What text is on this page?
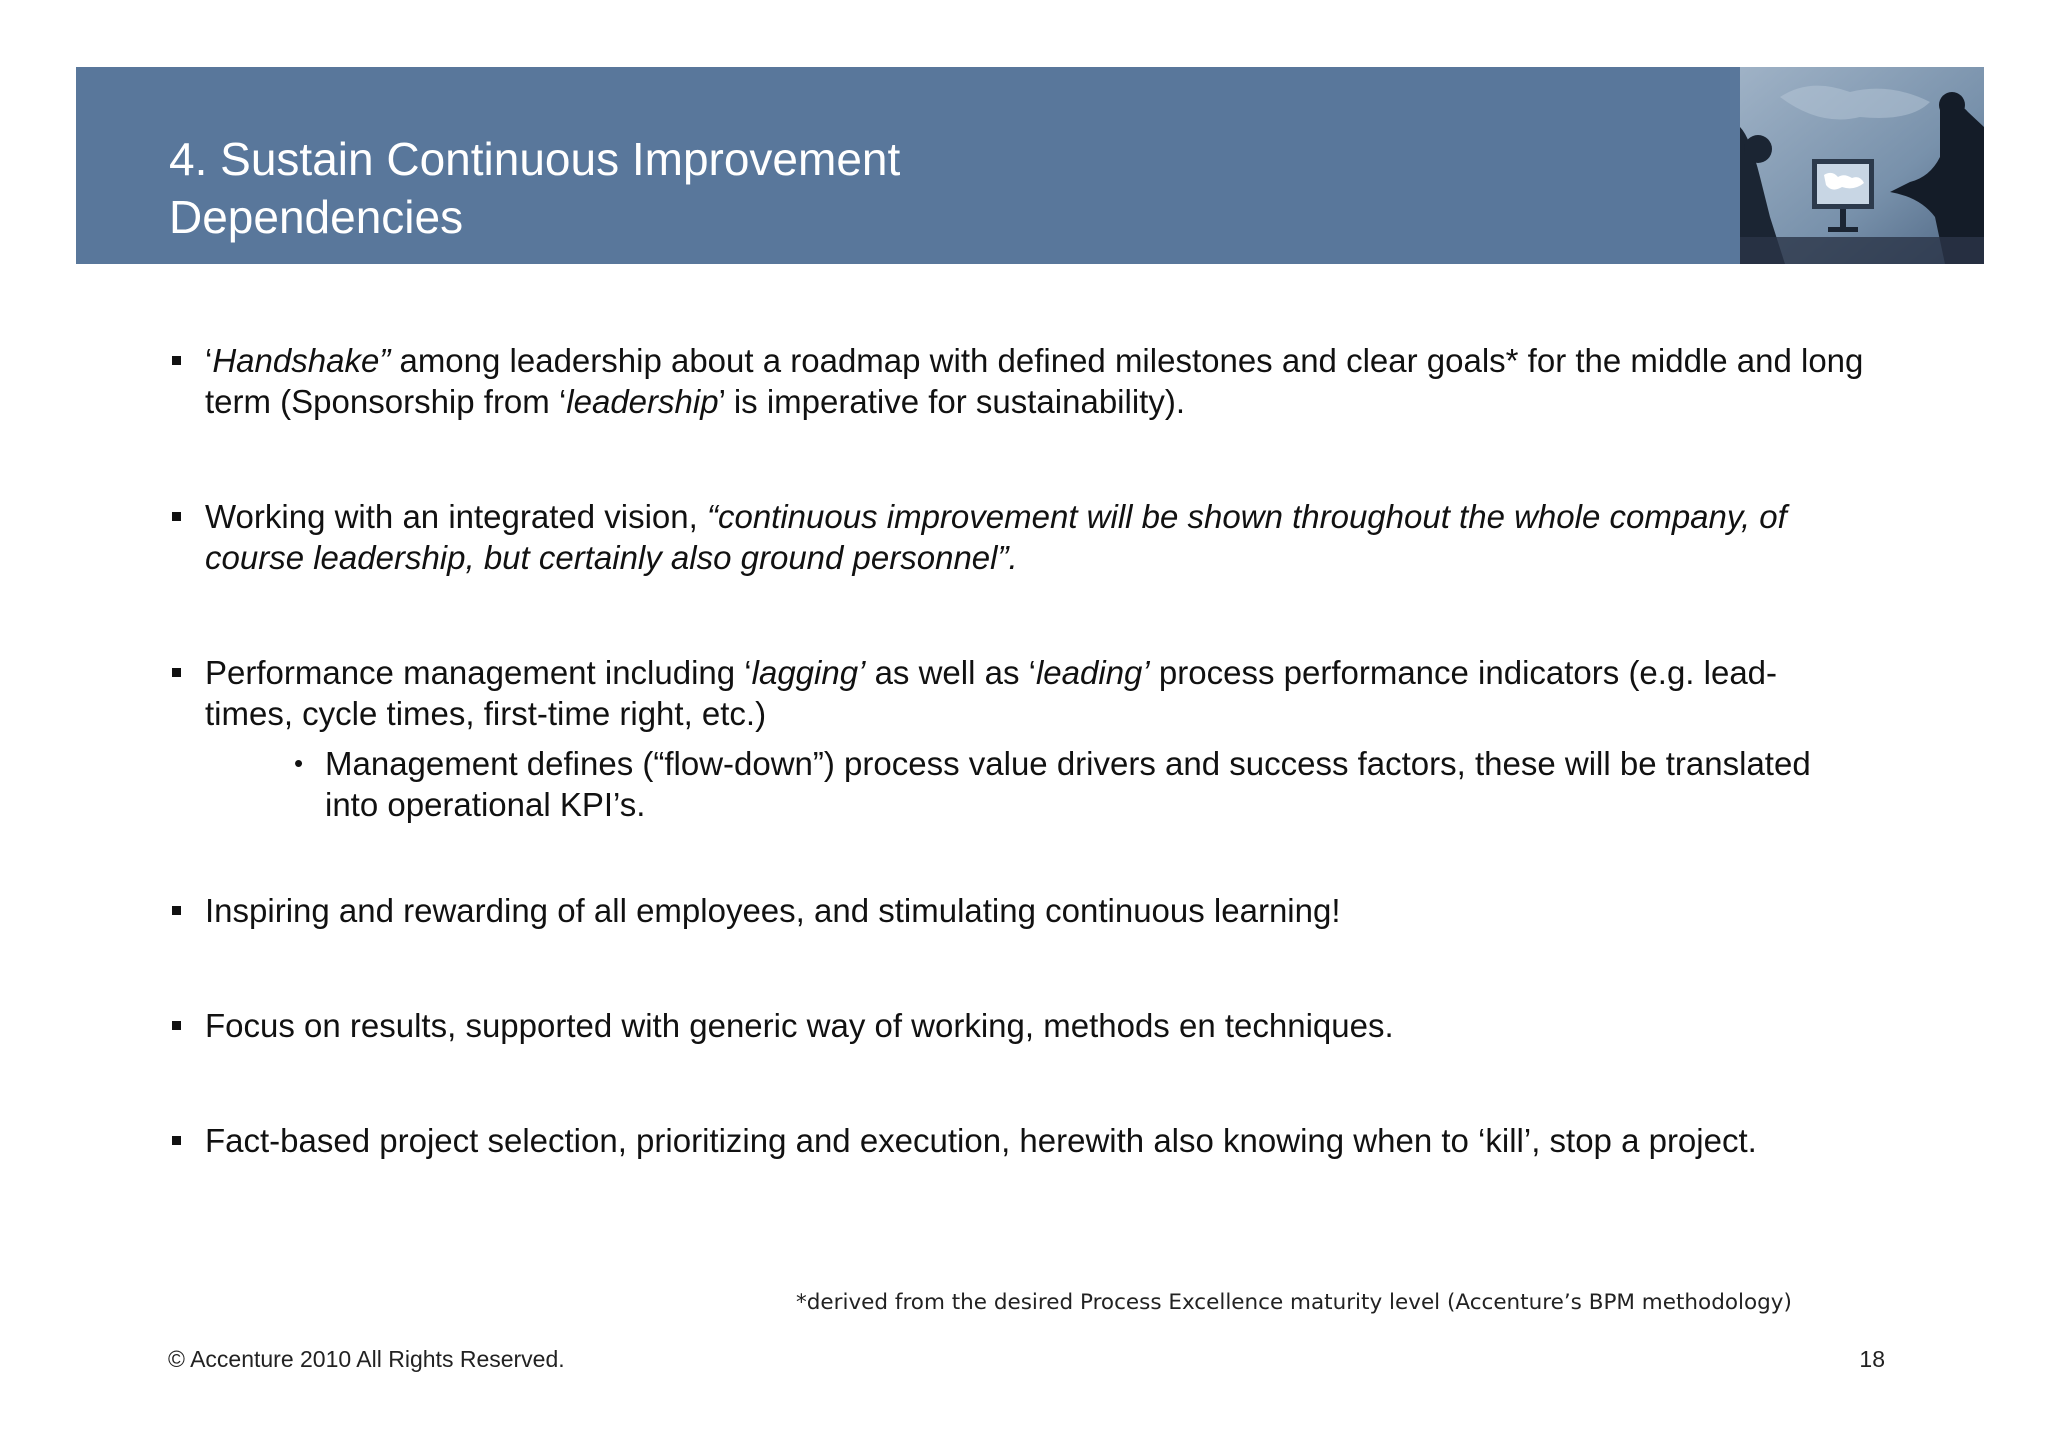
4. Sustain Continuous Improvement
Dependencies
‘Handshake” among leadership about a roadmap with defined milestones and clear goals* for the middle and long term (Sponsorship from ‘leadership’ is imperative for sustainability).
Working with an integrated vision, “continuous improvement will be shown throughout the whole company, of course leadership, but certainly also ground personnel”.
Performance management including ‘lagging’ as well as ‘leading’ process performance indicators (e.g. lead-times, cycle times, first-time right, etc.)
• Management defines (“flow-down”) process value drivers and success factors, these will be translated into operational KPI’s.
Inspiring and rewarding of all employees, and stimulating continuous learning!
Focus on results, supported with generic way of working, methods en techniques.
Fact-based project selection, prioritizing and execution, herewith also knowing when to ‘kill’, stop a project.
*derived from the desired Process Excellence maturity level (Accenture’s BPM methodology)
© Accenture 2010 All Rights Reserved.	18
